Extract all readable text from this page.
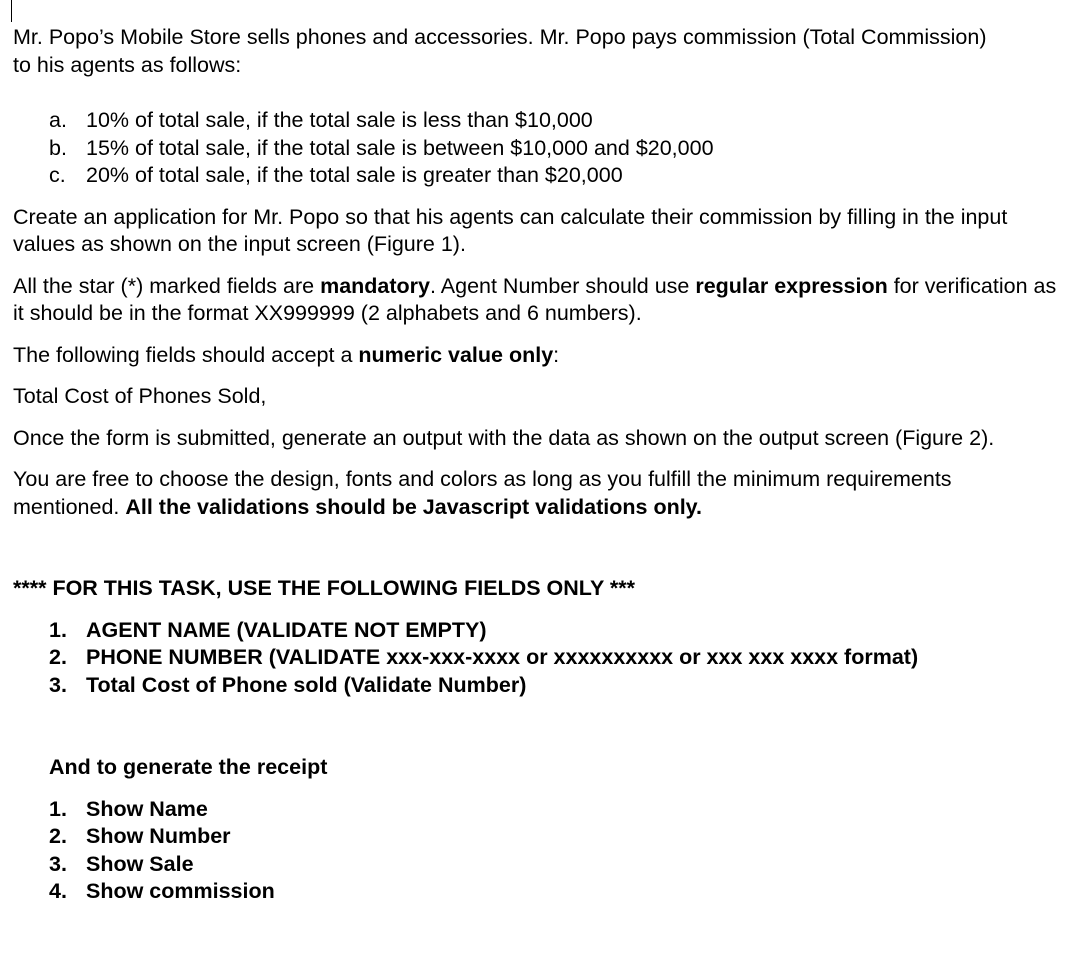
Mr. Popo’s Mobile Store sells phones and accessories. Mr. Popo pays commission (Total Commission) to his agents as follows:

a. 10% of total sale, if the total sale is less than $10,000
b. 15% of total sale, if the total sale is between $10,000 and $20,000
c. 20% of total sale, if the total sale is greater than $20,000

Create an application for Mr. Popo so that his agents can calculate their commission by filling in the input values as shown on the input screen (Figure 1).

All the star (*) marked fields are mandatory. Agent Number should use regular expression for verification as it should be in the format XX999999 (2 alphabets and 6 numbers).

The following fields should accept a numeric value only:

Total Cost of Phones Sold,

Once the form is submitted, generate an output with the data as shown on the output screen (Figure 2).

You are free to choose the design, fonts and colors as long as you fulfill the minimum requirements mentioned. All the validations should be Javascript validations only.

**** FOR THIS TASK, USE THE FOLLOWING FIELDS ONLY ***

1. AGENT NAME (VALIDATE NOT EMPTY)
2. PHONE NUMBER (VALIDATE xxx-xxx-xxxx or xxxxxxxxxx or xxx xxx xxxx format)
3. Total Cost of Phone sold (Validate Number)

And to generate the receipt

1. Show Name
2. Show Number
3. Show Sale
4. Show commission
